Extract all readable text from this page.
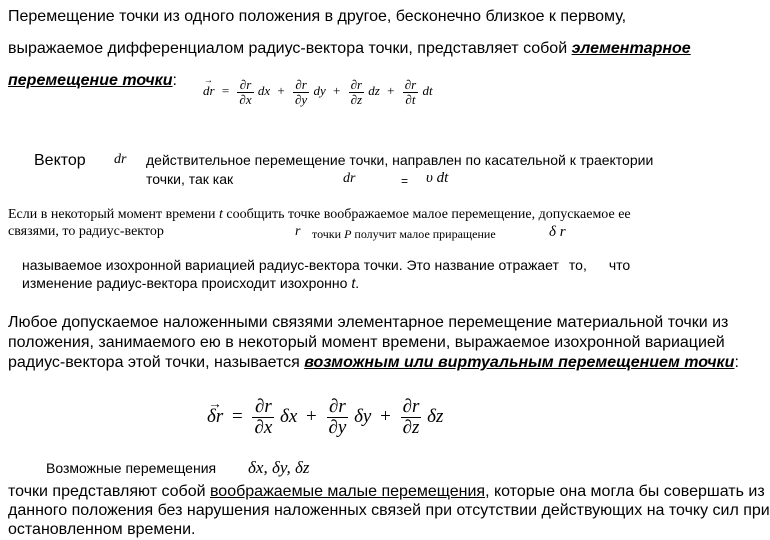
Перемещение точки из одного положения в другое, бесконечно близкое к первому,
выражаемое дифференциалом радиус-вектора точки, представляет собой элементарное
перемещение точки:
→ dr = $\frac{\partial r}{\partial x}$ dx + $\frac{\partial r}{\partial y}$ dy + $\frac{\partial r}{\partial z}$ dz + $\frac{\partial r}{\partial t}$ dt
Вектор dr действительное перемещение точки, направлен по касательной к траектории
точки, так как	dr	= υ dt
Если в некоторый момент времени t сообщить точке воображаемое малое перемещение, допускаемое ее
связями, то радиус-вектор	r точки P получит малое приращение	δ r
называемое изохронной вариацией радиус-вектора точки. Это название отражает то, что
изменение радиус-вектора происходит изохронно t.
Любое допускаемое наложенными связями элементарное перемещение материальной точки из
положения, занимаемого ею в некоторый момент времени, выражаемое изохронной вариацией
радиус-вектора этой точки, называется возможным или виртуальным перемещением точки:
→ $\delta r = \frac{\partial r}{\partial x}$ $\delta x + \frac{\partial r}{\partial y}$ $\delta y + \frac{\partial r}{\partial z}$ δz
Возможные перемещения δx, δy, δz
точки представляют собой воображаемые малые перемещения, которые она могла бы совершать из
данного положения без нарушения наложенных связей при отсутствии действующих на точку сил при
остановленном времени.
